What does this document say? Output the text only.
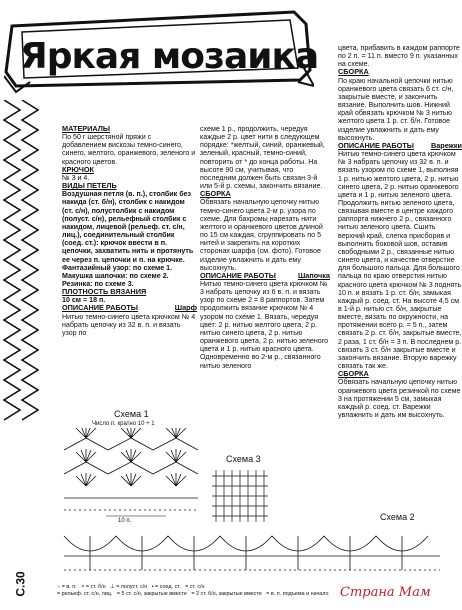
Яркая мозаика

МАТЕРИАЛЫ

По 50 г шерстяной пряжи с добавлением вискозы темно-синего, синего, желтого, оранжевого, зеленого и красного цветов.

КРЮЧОК

№ 3 и 4.

ВИДЫ ПЕТЕЛЬ

Воздушная петля (в. п.), столбик без накида (ст. б/н), столбик с накидом (ст. с/н), полустолбик с накидом (полуст. с/н), рельефный столбик с накидом, лицевой (рельеф. ст. с/н, лиц.), соединительный столбик (соед. ст.): крючок ввести в п. цепочки, захватить нить и протянуть ее через п. цепочки и п. на крючке.

Фантазийный узор: по схеме 1.

Макушка шапочки: по схеме 2.

Резинка: по схеме 3.

ПЛОТНОСТЬ ВЯЗАНИЯ

10 см = 18 п.

ОПИСАНИЕ РАБОТЫ	Шарф

Нитью темно-синего цвета крючком № 4 набрать цепочку из 32 в. п. и вязать узор по

схеме 1 р., продолжить, чередуя каждые 2 р. цвет нити в следующем порядке: *желтый, синий, оранжевый, зеленый, красный, темно-синий, повторить от * до конца работы. На высоте 90 см, учитывая, что последним должен быть связан 3-й или 5-й р. схемы, закончить вязание.

СБОРКА

Обвязать начальную цепочку нитью темно-синего цвета 2-м р. узора по схеме. Для бахромы нарезать нити желтого и оранжевого цветов длиной по 15 см каждая, сгруппировать по 5 нитей и закрепить на коротких сторонах шарфа (см. фото). Готовое изделие увлажнить и дать ему высохнуть.

ОПИСАНИЕ РАБОТЫ	Шапочка

Нитью темно-синего цвета крючком № 3 набрать цепочку из 6 в. п. и вязать узор по схеме 2 = 8 раппортов. Затем продолжить вязание крючком № 4 узором по схеме 1. Вязать, чередуя цвет: 2 р. нитью желтого цвета, 2 р. нитью синего цвета, 2 р. нитью оранжевого цвета, 2 р. нитью зеленого цвета и 1 р. нитью красного цвета. Одновременно во 2-м р., связанного нитью зеленого

цвета, прибавить в каждом раппорте по 2 п. = 11 п. вместо 9 п. указанных на схеме.

СБОРКА

По краю начальной цепочки нитью оранжевого цвета связать 6 ст. с/н, закрытые вместе, и закончить вязание. Выполнить шов. Нижний край обвязать крючком № 3 нитью желтого цвета 1 р. ст. б/н. Готовое изделие увлажнить и дать ему высохнуть.

ОПИСАНИЕ РАБОТЫ Варежки

Нитью темно-синего цвета крючком № 3 набрать цепочку из 32 в. п. и вязать узором по схеме 1, выполняя 1 р. нитью желтого цвета, 2 р. нитью синего цвета, 2 р. нитью оранжевого цвета и 1 р. нитью зеленого цвета. Продолжить нитью зеленого цвета, связывая вместе в центре каждого раппорта нижнего 2 р., связанного нитью зеленого цвета. Сшить верхний край, слегка присборив и выполнить боковой шов, оставив свободными 2 р., связанные нитью синего цвета, и качестве отверстие для большого пальца. Для большого пальца по краю отверстия нитью красного цвета крючком № 3 поднять 10 п. и вязать 1 р. ст. б/н, замыкая каждый р. соед. ст. На высоте 4,5 см в 1-й р. нитью ст. б/н, закрытые вместе, вязать по окружности, на протяжении всего р. = 5 п., затем связать 2 р. ст. б/н, закрытые вместе, 2 раза, 1 ст. б/н = 3 п. В последнем р. связать 3 ст. б/н закрытые вместе и закончить вязание. Вторую варежку связать так же.

СБОРКА

Обвязать начальную цепочку нитью оранжевого цвета резинкой по схеме 3 на протяжении 5 см, замыкая каждый р. соед. ст. Варежки увлажнить и дать им высохнуть.

Схема 1
Число п. кратно 10 + 1
Схема 3
Схема 2
10 п.
○ = в. п. × = ст. б/н ⊥ = полуст. с/н • = соед. ст. = ст. с/н
= рельеф. ст. с/н, лиц. = 5 ст. с/н, закрытые вместе = 2 ст. б/н, закрытые вместе = в. п. подъема и начало
С.30	Страна Мам
